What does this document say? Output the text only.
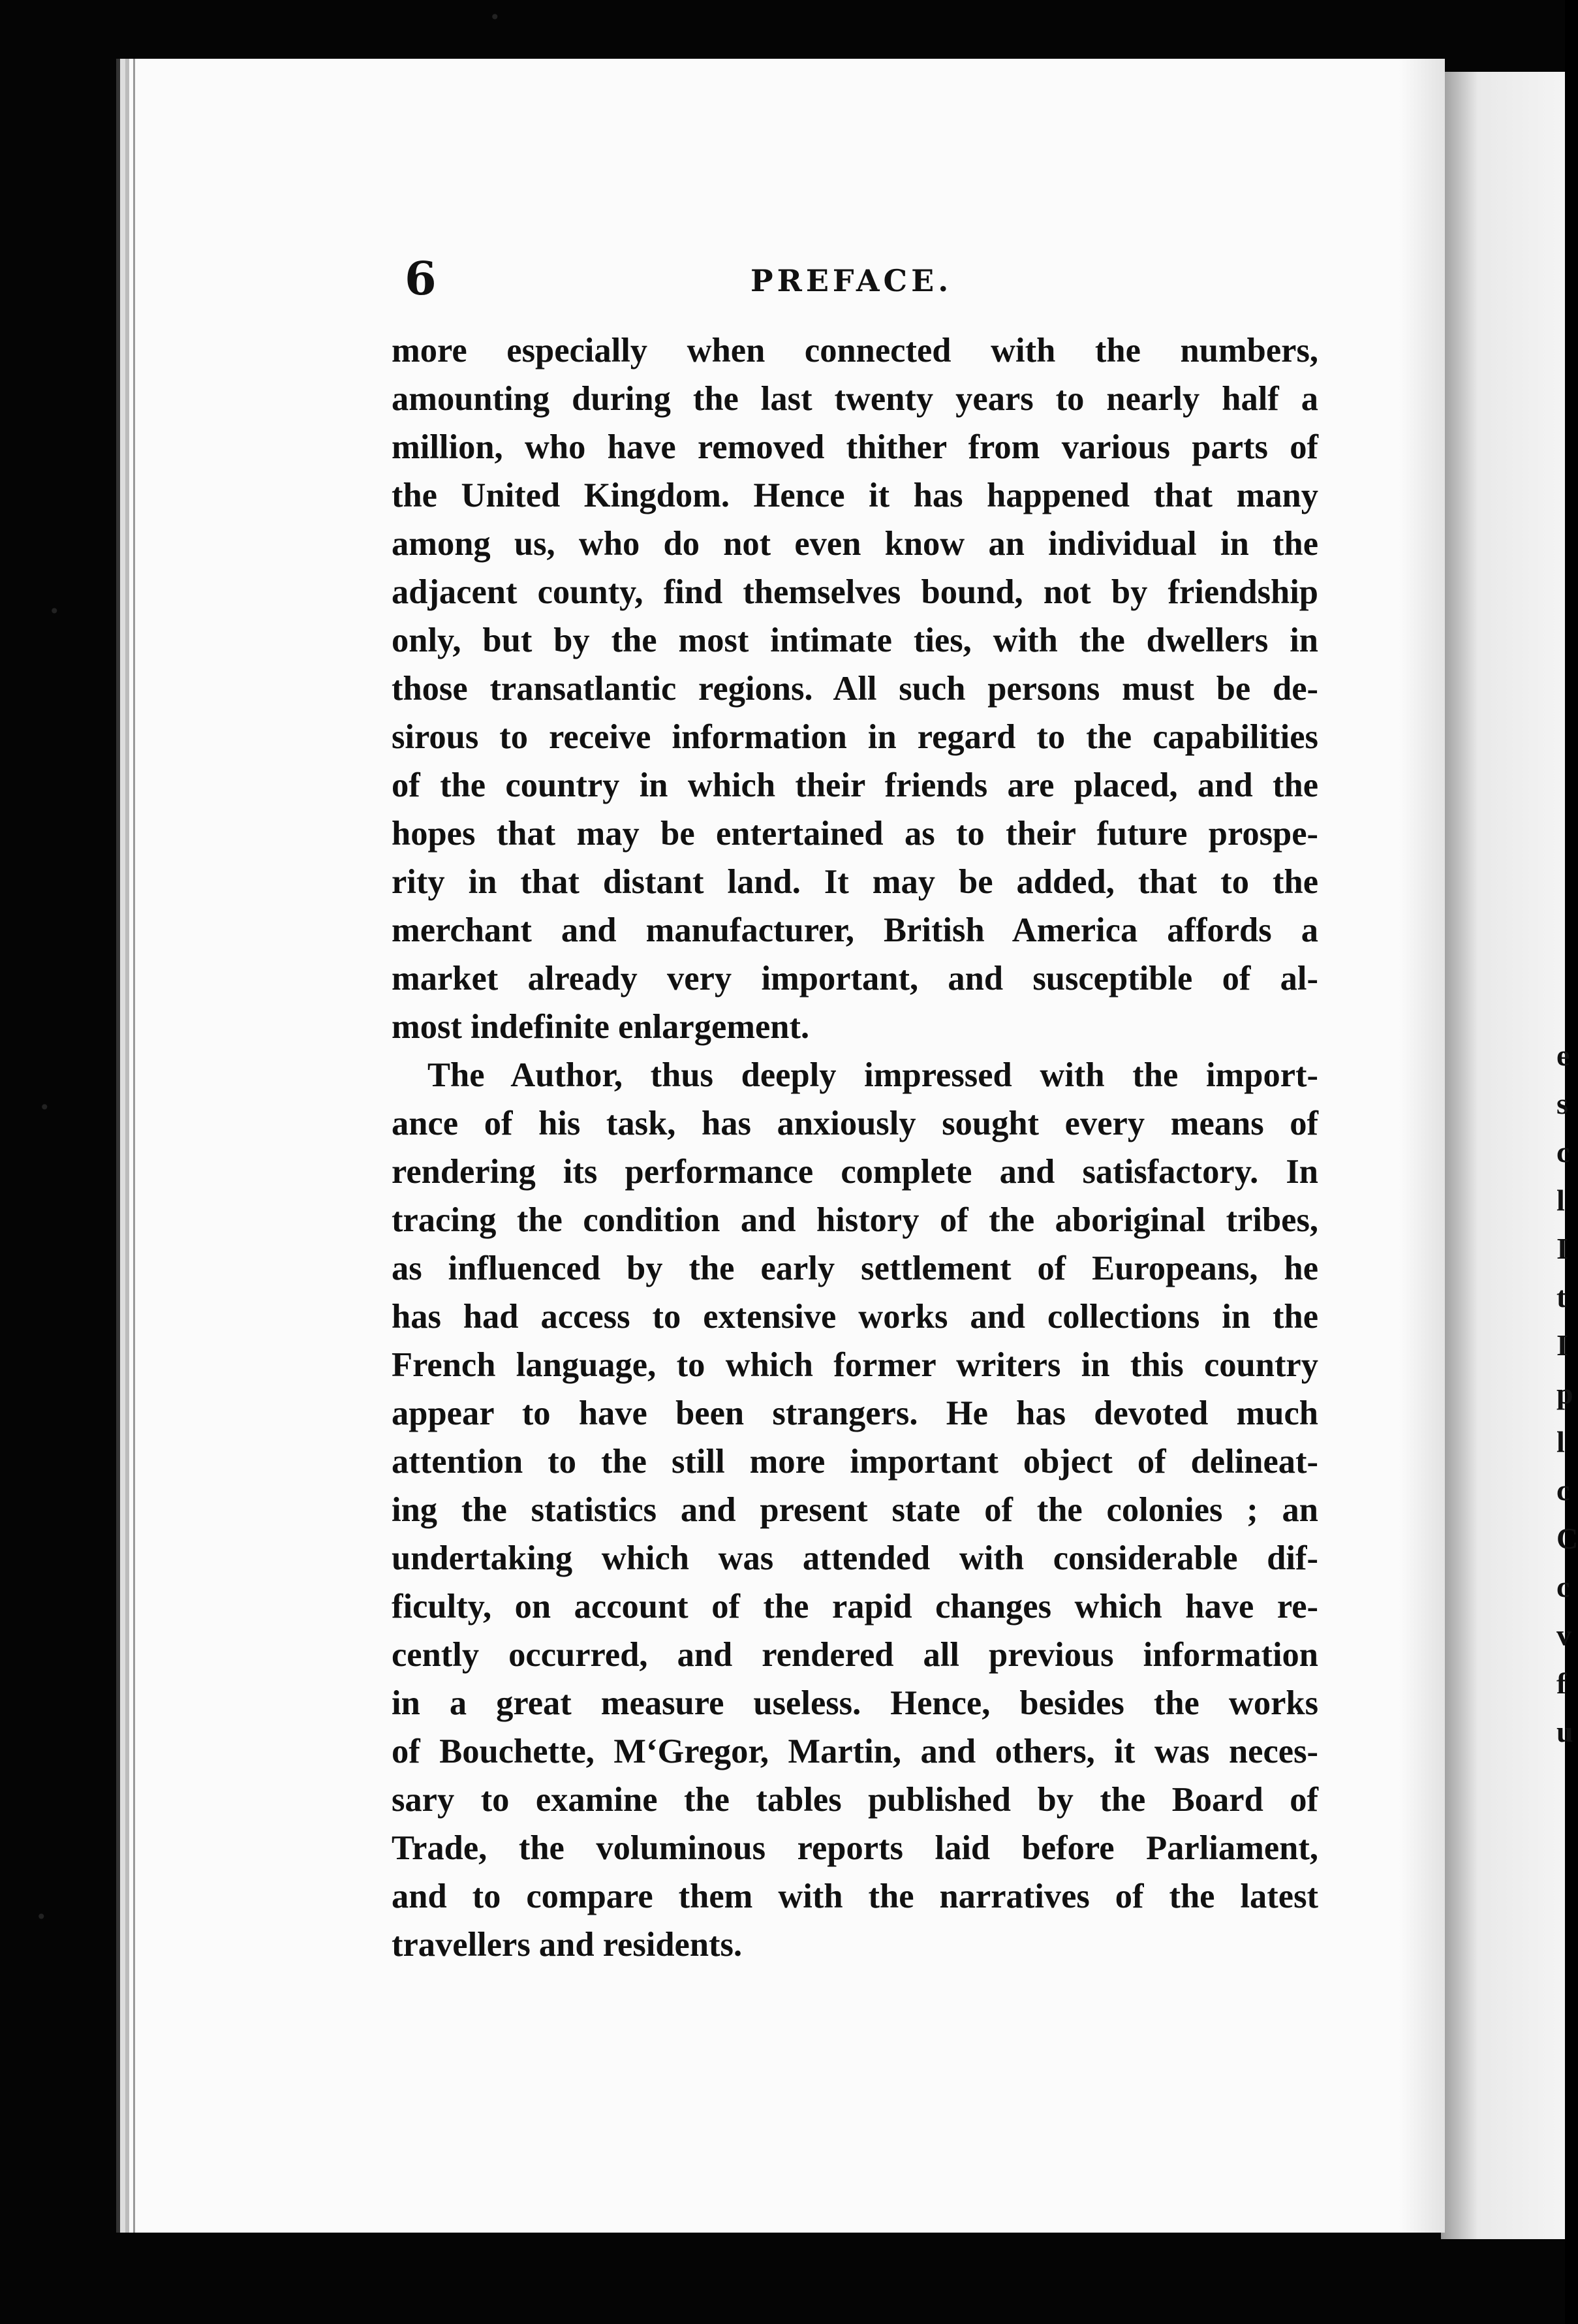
e
s
c
l
I
t
I
p
l
c
C
c
v
f
u
6	PREFACE.
more especially when connected with the numbers,
amounting during the last twenty years to nearly half a
million, who have removed thither from various parts of
the United Kingdom. Hence it has happened that many
among us, who do not even know an individual in the
adjacent county, find themselves bound, not by friendship
only, but by the most intimate ties, with the dwellers in
those transatlantic regions. All such persons must be de-
sirous to receive information in regard to the capabilities
of the country in which their friends are placed, and the
hopes that may be entertained as to their future prospe-
rity in that distant land. It may be added, that to the
merchant and manufacturer, British America affords a
market already very important, and susceptible of al-
most indefinite enlargement.
The Author, thus deeply impressed with the import-
ance of his task, has anxiously sought every means of
rendering its performance complete and satisfactory. In
tracing the condition and history of the aboriginal tribes,
as influenced by the early settlement of Europeans, he
has had access to extensive works and collections in the
French language, to which former writers in this country
appear to have been strangers. He has devoted much
attention to the still more important object of delineat-
ing the statistics and present state of the colonies ; an
undertaking which was attended with considerable dif-
ficulty, on account of the rapid changes which have re-
cently occurred, and rendered all previous information
in a great measure useless. Hence, besides the works
of Bouchette, M‘Gregor, Martin, and others, it was neces-
sary to examine the tables published by the Board of
Trade, the voluminous reports laid before Parliament,
and to compare them with the narratives of the latest
travellers and residents.
•
•
•
•
